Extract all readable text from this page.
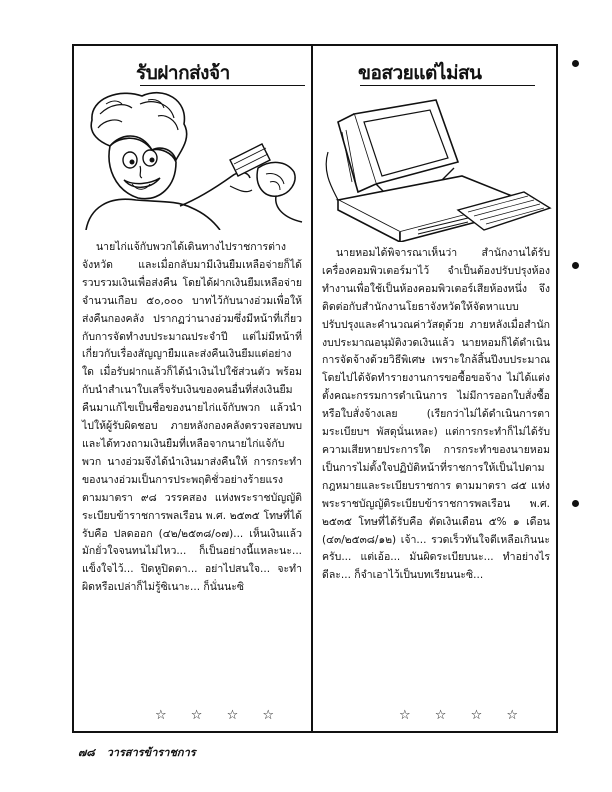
รับฝากส่งจ้า

นายไก่แจ้กับพวกได้เดินทางไปราชการต่างจังหวัด และเมื่อกลับมามีเงินยืมเหลือจ่ายก็ได้รวบรวมเงินเพื่อส่งคืน โดยได้ฝากเงินยืมเหลือจ่ายจำนวนเกือบ ๕๐,๐๐๐ บาทไว้กับนางอ่วมเพื่อให้ส่งคืนกองคลัง ปรากฏว่านางอ่วมซึ่งมีหน้าที่เกี่ยวกับการจัดทำงบประมาณประจำปี แต่ไม่มีหน้าที่เกี่ยวกับเรื่องสัญญายืมและส่งคืนเงินยืมแต่อย่างใด เมื่อรับฝากแล้วก็ได้นำเงินไปใช้ส่วนตัว พร้อมกับนำสำเนาใบเสร็จรับเงินของคนอื่นที่ส่งเงินยืมคืนมาแก้ไขเป็นชื่อของนายไก่แจ้กับพวก แล้วนำไปให้ผู้รับผิดชอบ ภายหลังกองคลังตรวจสอบพบและได้ทวงถามเงินยืมที่เหลือจากนายไก่แจ้กับพวก นางอ่วมจึงได้นำเงินมาส่งคืนให้ การกระทำของนางอ่วมเป็นการประพฤติชั่วอย่างร้ายแรง ตามมาตรา ๙๘ วรรคสอง แห่งพระราชบัญญัติระเบียบข้าราชการพลเรือน พ.ศ. ๒๕๓๕ โทษที่ได้รับคือ ปลดออก (๔๒/๒๕๓๘/๐๗)... เห็นเงินแล้วมักยั่วใจจนทนไม่ไหว... ก็เป็นอย่างนี้แหละนะ... แข็งใจไว้... ปิดหูปิดตา... อย่าไปสนใจ... จะทำผิดหรือเปล่าก็ไม่รู้ซิเนาะ... ก็นั่นนะซิ

☆ ☆ ☆ ☆
ขอสวยแต่ไม่สน

นายหอมได้พิจารณาเห็นว่า สำนักงานได้รับเครื่องคอมพิวเตอร์มาไว้ จำเป็นต้องปรับปรุงห้องทำงานเพื่อใช้เป็นห้องคอมพิวเตอร์เสียห้องหนึ่ง จึงติดต่อกับสำนักงานโยธาจังหวัดให้จัดหาแบบปรับปรุงและคำนวณค่าวัสดุด้วย ภายหลังเมื่อสำนักงบประมาณอนุมัติงวดเงินแล้ว นายหอมก็ได้ดำเนินการจัดจ้างด้วยวิธีพิเศษ เพราะใกล้สิ้นปีงบประมาณ โดยไปได้จัดทำรายงานการขอซื้อขอจ้าง ไม่ได้แต่งตั้งคณะกรรมการดำเนินการ ไม่มีการออกใบสั่งซื้อหรือใบสั่งจ้างเลย (เรียกว่าไม่ได้ดำเนินการตามระเบียบฯ พัสดุนั่นเหละ) แต่การกระทำก็ไม่ได้รับความเสียหายประการใด การกระทำของนายหอมเป็นการไม่ตั้งใจปฏิบัติหน้าที่ราชการให้เป็นไปตามกฎหมายและระเบียบราชการ ตามมาตรา ๘๕ แห่งพระราชบัญญัติระเบียบข้าราชการพลเรือน พ.ศ. ๒๕๓๕ โทษที่ได้รับคือ ตัดเงินเดือน ๕% ๑ เดือน (๔๓/๒๕๓๘/๑๒) เจ้า... รวดเร็วทันใจดีเหลือเกินนะครับ... แต่เอ้อ... มันผิดระเบียบนะ... ทำอย่างไรดีละ... ก็จำเอาไว้เป็นบทเรียนนะซิ...

☆ ☆ ☆ ☆
๗๘ วารสารข้าราชการ
